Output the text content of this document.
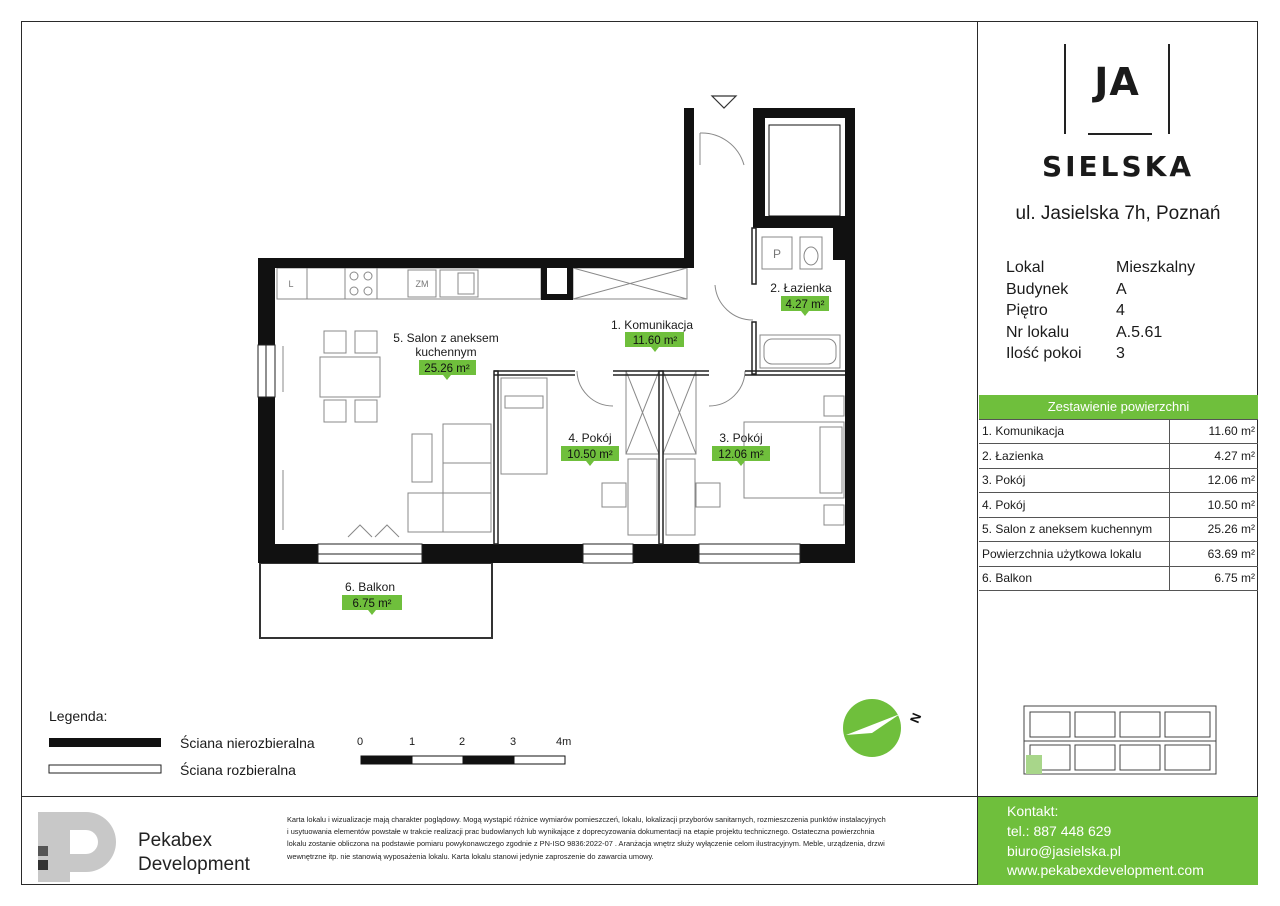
5. Salon z aneksem
kuchennym
1. Komunikacja
2. Łazienka
4. Pokój	3. Pokój
6. Balkon
25.26 m²
11.60 m²
4.27 m²
10.50 m²	12.06 m²
6.75 m²
L	ZM
P
N
Legenda:
Ściana nierozbieralna
Ściana rozbieralna
0	1	2	3	4m
JA
SIELSKA
ul. Jasielska 7h, Poznań
Lokal	Mieszkalny
Budynek	A
Piętro	4
Nr lokalu	A.5.61
Ilość pokoi	3
Zestawienie powierzchni	
1. Komunikacja	11.60 m²
2. Łazienka	4.27 m²
3. Pokój	12.06 m²
4. Pokój	10.50 m²
5. Salon z aneksem kuchennym	25.26 m²
Powierzchnia użytkowa lokalu	63.69 m²
6. Balkon	6.75 m²
Pekabex
Development
Karta lokalu i wizualizacje mają charakter poglądowy. Mogą wystąpić różnice wymiarów pomieszczeń, lokalu, lokalizacji przyborów sanitarnych, rozmieszczenia punktów instalacyjnych
i usytuowania elementów powstałe w trakcie realizacji prac budowlanych lub wynikające z doprecyzowania dokumentacji na etapie projektu technicznego. Ostateczna powierzchnia
lokalu zostanie obliczona na podstawie pomiaru powykonawczego zgodnie z PN-ISO 9836:2022-07 . Aranżacja wnętrz służy wyłączenie celom ilustracyjnym. Meble, urządzenia, drzwi
wewnętrzne itp. nie stanowią wyposażenia lokalu. Karta lokalu stanowi jedynie zaproszenie do zawarcia umowy.
Kontakt:
tel.: 887 448 629
biuro@jasielska.pl
www.pekabexdevelopment.com
